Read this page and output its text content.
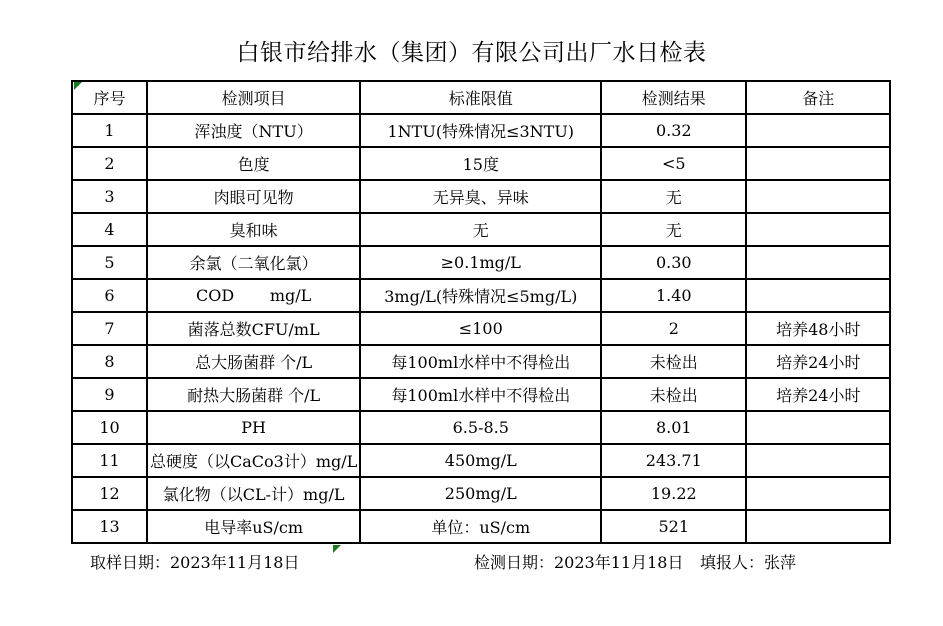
白银市给排水（集团）有限公司出厂水日检表
序号	检测项目	标准限值	检测结果	备注
1	浑浊度（NTU）	1NTU(特殊情况≤3NTU)	0.32	
2	色度	15度	<5	
3	肉眼可见物	无异臭、异味	无	
4	臭和味	无	无	
5	余氯（二氧化氯）	≥0.1mg/L	0.30	
6	COD       mg/L	3mg/L(特殊情况≤5mg/L)	1.40	
7	菌落总数CFU/mL	≤100	2	培养48小时
8	总大肠菌群 个/L	每100ml水样中不得检出	未检出	培养24小时
9	耐热大肠菌群 个/L	每100ml水样中不得检出	未检出	培养24小时
10	PH	6.5-8.5	8.01	
11	总硬度（以CaCo3计）mg/L	450mg/L	243.71	
12	氯化物（以CL-计）mg/L	250mg/L	19.22	
13	电导率uS/cm	单位：uS/cm	521	
取样日期：2023年11月18日	检测日期：2023年11月18日 填报人：张萍
